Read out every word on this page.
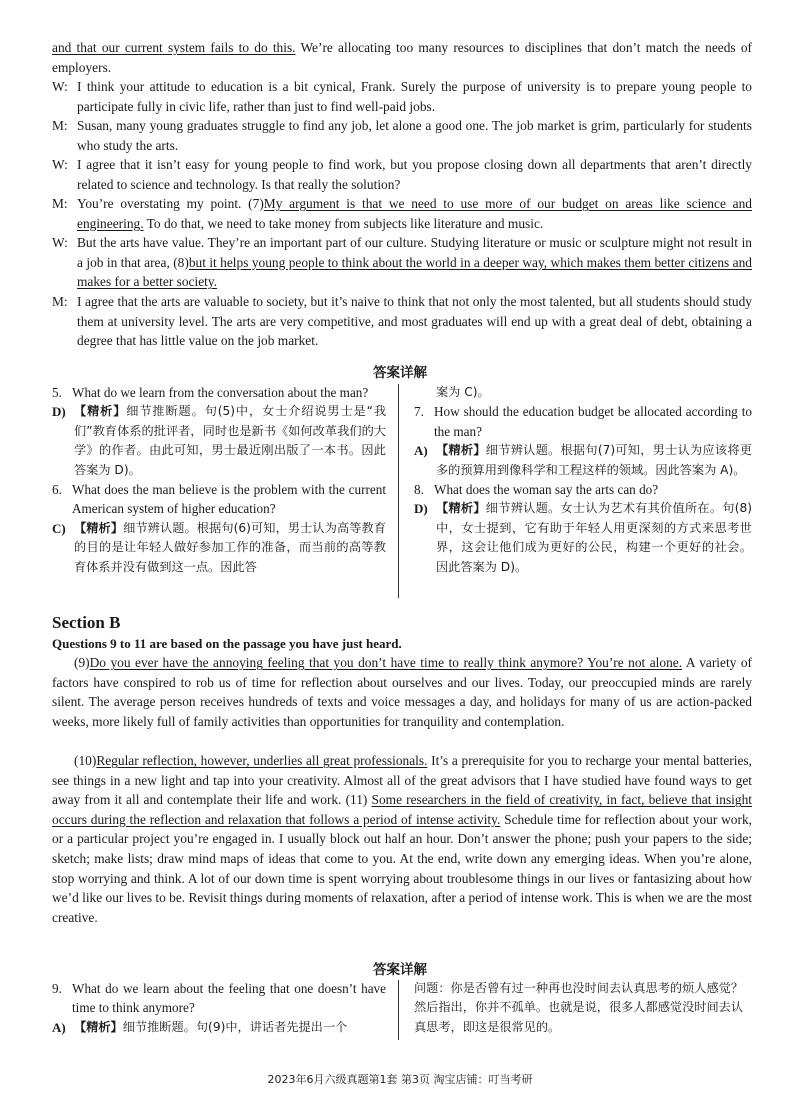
and that our current system fails to do this. We’re allocating too many resources to disciplines that don’t match the needs of employers.
W: I think your attitude to education is a bit cynical, Frank. Surely the purpose of university is to prepare young people to participate fully in civic life, rather than just to find well-paid jobs.
M: Susan, many young graduates struggle to find any job, let alone a good one. The job market is grim, particularly for students who study the arts.
W: I agree that it isn’t easy for young people to find work, but you propose closing down all departments that aren’t directly related to science and technology. Is that really the solution?
M: You’re overstating my point. (7)My argument is that we need to use more of our budget on areas like science and engineering. To do that, we need to take money from subjects like literature and music.
W: But the arts have value. They’re an important part of our culture. Studying literature or music or sculpture might not result in a job in that area, (8)but it helps young people to think about the world in a deeper way, which makes them better citizens and makes for a better society.
M: I agree that the arts are valuable to society, but it’s naive to think that not only the most talented, but all students should study them at university level. The arts are very competitive, and most graduates will end up with a great deal of debt, obtaining a degree that has little value on the job market.
答案详解
5. What do we learn from the conversation about the man?
D) 【精析】细节推断题。句(5)中，女士介绍说男士是“我们”教育体系的批评者，同时也是新书《如何改革我们的大学》的作者。由此可知，男士最近刚出版了一本书。因此答案为 D)。
6. What does the man believe is the problem with the current American system of higher education?
C) 【精析】细节辨认题。根据句(6)可知，男士认为高等教育的目的是让年轻人做好参加工作的准备，而当前的高等教育体系并没有做到这一点。因此答
案为 C)。
7. How should the education budget be allocated according to the man?
A) 【精析】细节辨认题。根据句(7)可知，男士认为应该将更多的预算用到像科学和工程这样的领域。因此答案为 A)。
8. What does the woman say the arts can do?
D) 【精析】细节辨认题。女士认为艺术有其价值所在。句(8)中，女士提到，它有助于年轻人用更深刻的方式来思考世界，这会让他们成为更好的公民，构建一个更好的社会。因此答案为 D)。
Section B
Questions 9 to 11 are based on the passage you have just heard.
(9)Do you ever have the annoying feeling that you don’t have time to really think anymore? You’re not alone. A variety of factors have conspired to rob us of time for reflection about ourselves and our lives. Today, our preoccupied minds are rarely silent. The average person receives hundreds of texts and voice messages a day, and holidays for many of us are action-packed weeks, more likely full of family activities than opportunities for tranquility and contemplation.
(10)Regular reflection, however, underlies all great professionals. It’s a prerequisite for you to recharge your mental batteries, see things in a new light and tap into your creativity. Almost all of the great advisors that I have studied have found ways to get away from it all and contemplate their life and work. (11) Some researchers in the field of creativity, in fact, believe that insight occurs during the reflection and relaxation that follows a period of intense activity. Schedule time for reflection about your work, or a particular project you’re engaged in. I usually block out half an hour. Don’t answer the phone; push your papers to the side; sketch; make lists; draw mind maps of ideas that come to you. At the end, write down any emerging ideas. When you’re alone, stop worrying and think. A lot of our down time is spent worrying about troublesome things in our lives or fantasizing about how we’d like our lives to be. Revisit things during moments of relaxation, after a period of intense work. This is when we are the most creative.
答案详解
9. What do we learn about the feeling that one doesn’t have time to think anymore?
A) 【精析】细节推断题。句(9)中，讲话者先提出一个
问题：你是否曾有过一种再也没时间去认真思考的烦人感觉？然后指出，你并不孤单。也就是说，很多人都感觉没时间去认真思考，即这是很常见的。
2023年6月六级真题第1套 第3页 淘宝店铺：叮当考研
